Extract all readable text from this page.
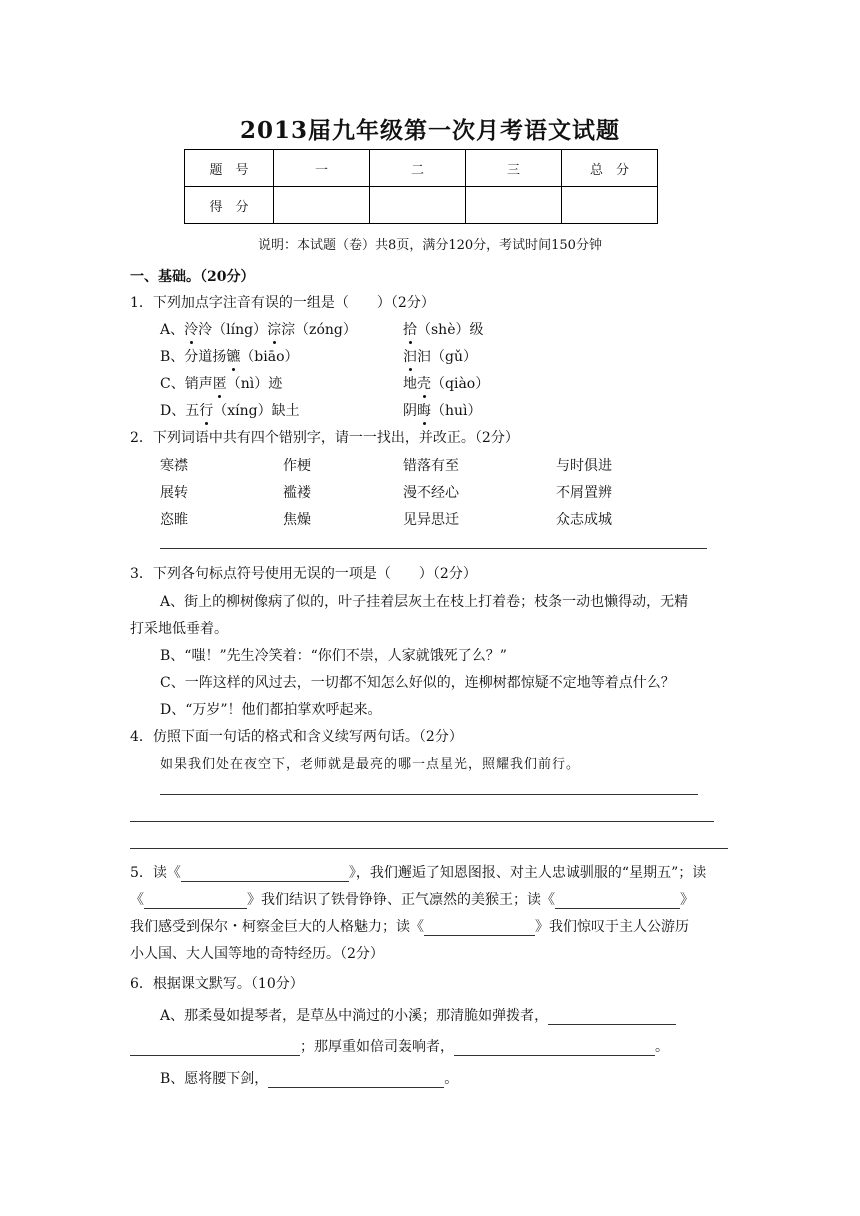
2013届九年级第一次月考语文试题
题　号	一	二	三	总　分
得　分				
说明：本试题（卷）共8页，满分120分，考试时间150分钟
一、基础。（20分）
1．下列加点字注音有误的一组是（　　）（2分）
A、泠泠（líng）淙淙（zóng）	拾（shè）级
B、分道扬镳（biāo）	汩汩（gǔ）
C、销声匿（nì）迹	地壳（qiào）
D、五行（xíng）缺土	阴晦（huì）
2．下列词语中共有四个错别字，请一一找出，并改正。（2分）
寒襟	作梗	错落有至	与时俱进
展转	褴褛	漫不经心	不屑置辨
恣睢	焦燥	见异思迁	众志成城
3．下列各句标点符号使用无误的一项是（　　）（2分）
A、街上的柳树像病了似的，叶子挂着层灰土在枝上打着卷；枝条一动也懒得动，无精
打采地低垂着。
B、“嗤！”先生冷笑着：“你们不崇，人家就饿死了么？”
C、一阵这样的风过去，一切都不知怎么好似的，连柳树都惊疑不定地等着点什么？
D、“万岁”！他们都拍掌欢呼起来。
4．仿照下面一句话的格式和含义续写两句话。（2分）
如果我们处在夜空下，老师就是最亮的哪一点星光，照耀我们前行。
5．读《	》，我们邂逅了知恩图报、对主人忠诚驯服的“星期五”；读
《	》我们结识了铁骨铮铮、正气凛然的美猴王；读《	》
我们感受到保尔・柯察金巨大的人格魅力；读《	》我们惊叹于主人公游历
小人国、大人国等地的奇特经历。（2分）
6．根据课文默写。（10分）
A、那柔曼如提琴者，是草丛中淌过的小溪；那清脆如弹拨者，
；那厚重如倍司轰响者，	。
B、愿将腰下剑，	。
